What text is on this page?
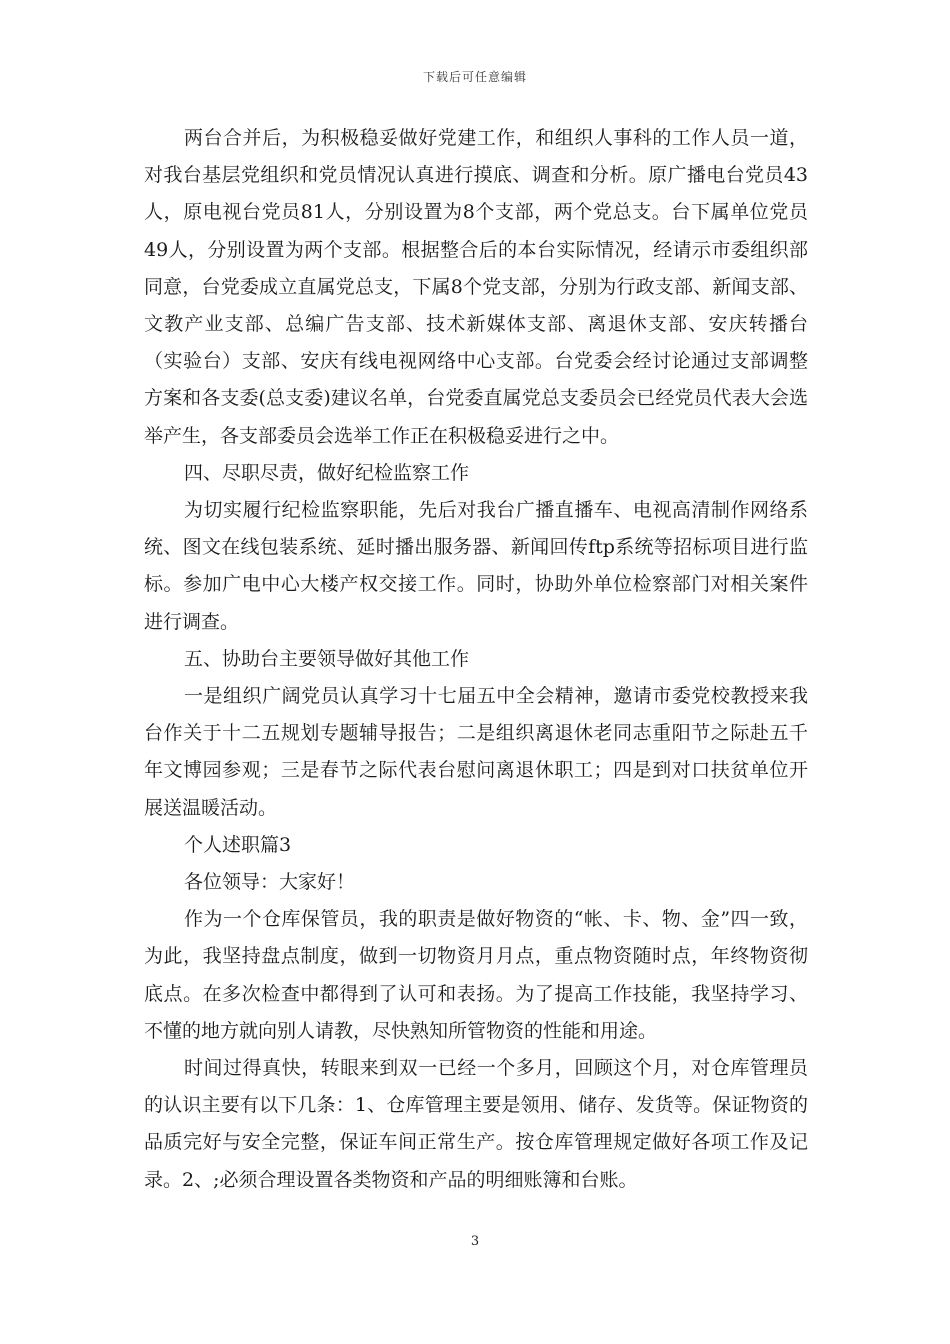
下载后可任意编辑

两台合并后，为积极稳妥做好党建工作，和组织人事科的工作人员一道，对我台基层党组织和党员情况认真进行摸底、调查和分析。原广播电台党员43人，原电视台党员81人，分别设置为8个支部，两个党总支。台下属单位党员49人，分别设置为两个支部。根据整合后的本台实际情况，经请示市委组织部同意，台党委成立直属党总支，下属8个党支部，分别为行政支部、新闻支部、文教产业支部、总编广告支部、技术新媒体支部、离退休支部、安庆转播台（实验台）支部、安庆有线电视网络中心支部。台党委会经讨论通过支部调整方案和各支委(总支委)建议名单，台党委直属党总支委员会已经党员代表大会选举产生，各支部委员会选举工作正在积极稳妥进行之中。

四、尽职尽责，做好纪检监察工作

为切实履行纪检监察职能，先后对我台广播直播车、电视高清制作网络系统、图文在线包装系统、延时播出服务器、新闻回传ftp系统等招标项目进行监标。参加广电中心大楼产权交接工作。同时，协助外单位检察部门对相关案件进行调查。

五、协助台主要领导做好其他工作

一是组织广阔党员认真学习十七届五中全会精神，邀请市委党校教授来我台作关于十二五规划专题辅导报告；二是组织离退休老同志重阳节之际赴五千年文博园参观；三是春节之际代表台慰问离退休职工；四是到对口扶贫单位开展送温暖活动。

个人述职篇3

各位领导：大家好！

作为一个仓库保管员，我的职责是做好物资的“帐、卡、物、金”四一致，为此，我坚持盘点制度，做到一切物资月月点，重点物资随时点，年终物资彻底点。在多次检查中都得到了认可和表扬。为了提高工作技能，我坚持学习、不懂的地方就向别人请教，尽快熟知所管物资的性能和用途。

时间过得真快，转眼来到双一已经一个多月，回顾这个月，对仓库管理员的认识主要有以下几条：1、仓库管理主要是领用、储存、发货等。保证物资的品质完好与安全完整，保证车间正常生产。按仓库管理规定做好各项工作及记录。2、;必须合理设置各类物资和产品的明细账簿和台账。

3
